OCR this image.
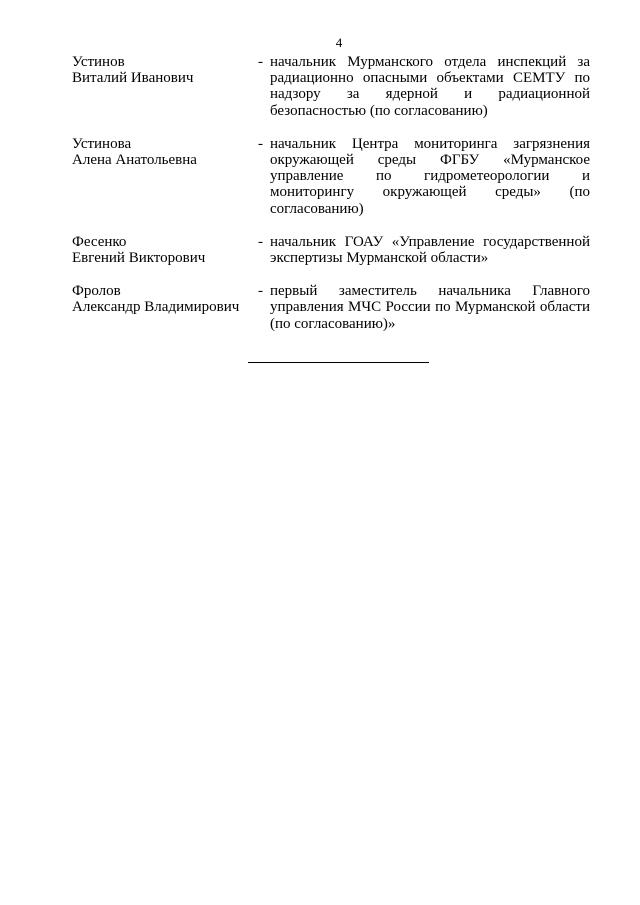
4
Устинов
Виталий Иванович
- начальник Мурманского отдела инспекций за радиационно опасными объектами СЕМТУ по надзору за ядерной и радиационной безопасностью (по согласованию)
Устинова
Алена Анатольевна
- начальник Центра мониторинга загрязнения окружающей среды ФГБУ «Мурманское управление по гидрометеорологии и мониторингу окружающей среды» (по согласованию)
Фесенко
Евгений Викторович
- начальник ГОАУ «Управление государственной экспертизы Мурманской области»
Фролов
Александр Владимирович
- первый заместитель начальника Главного управления МЧС России по Мурманской области (по согласованию)»
